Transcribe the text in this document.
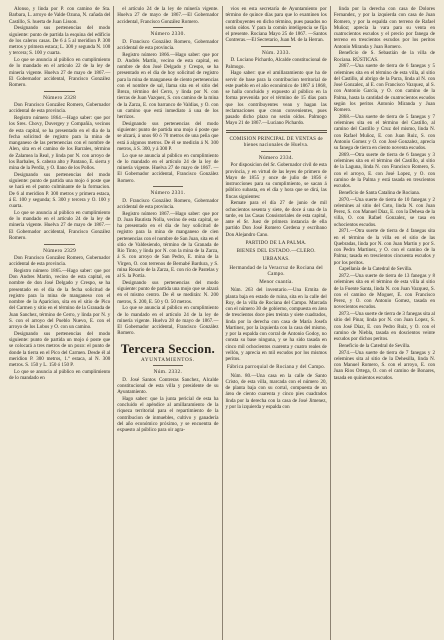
Alonso, y linda por P. con camino de Sta. Barbara, L. arroyo de Valde Ozuna, N. cañada del Castillo, S. huerta de Juan Lisson.

Designando sus pertenencias del modo siguiente: punto de partida la esquina del edificio de los caleros casas. De 6 á 5 al meridion P. 300 metros y primera estaca; L. 300 y segunda N. 100 y tercera; S. 100 y cuarta.

Lo que se anuncia al público en cumplimiento de lo mandado en el articulo 22 de la ley de minería vigente. Huelva 27 de mayo de 1867.—El Gobernador accidental, Francisco González Romero.

Número 2328

Don Francisco González Romero, Gobernador accidental de esta provincia.

Registro número 1864.—Hago saber: que por los Sres. Chovy, Duvergey y Compañía, vecinos de esta capital, se ha presentado en el dia de la fecha solicitud de registro para la mina de manganeso de las pertenencias con el nombre de Alen, sita en el camino de los Barrales, término de Zalamea la Real, y linda por N. con arroyo de los Barbales, S. cabezo alto y Pantano, E. sierra y mina de la Perdiz, y O. llano de los Pollos.

Designando sus pertenencias del modo siguiente: punto de partida una mojo ó poste que se hará en el punto culminante de la formacion. De 6 al meridion P. 300 metros y primera estaca, á E. 100 y segunda; S. 300 y tercera y O. 100 y cuarta.

Lo que se anuncia al público en cumplimiento de lo mandado en el artículo 24 de la ley de minería vigente. Huelva 27 de mayo de 1867.—El Gobernador accidental, Francisco González Romero.

Número 2329

Don Francisco González Romero, Gobernador accidental de esta provincia.

Registro número 1865.—Hago saber: que por Don Andres Martin, vecino de esta capital, en nombre de don José Delgado y Crespo, se ha presentado en el dia de la fecha solicitud de registro para la mina de manganeso con el nombre de la Aparicion, sita en el sitio de Pico del Carmen y sitio en el término de la Granada de Juan Sanchez, término de Cerro, y linda por N. y S. con el arroyo del Pueblo Nuevo, E. con el arroyo de los Lobos y O. con un camino.

Designando sus pertenencias del modo siguiente: punto de partida un mojo ó poste que se colocará a tres metros de un pozo: el punto de donde la tierra en el Pico del Carmen. Desde él al meridion P. 300 metros, 1.ª estaca, al N. 300 metros. S. 150 y L. 150 ó 150 P.

Lo que se anuncia al público en cumplimiento de lo mandado en

el artículo 24 de la ley de minería vigente. Huelva 27 de mayo de 1867.—El Gobernador accidental, Francisco González Romero.

Número 2330.

D. Francisco González Romero, Gobernador accidental de esta provincia.

Registro número 1866.—Hago saber: que por D. Andrés Martín, vecino de esta capital, en nombre de don José Delgado y Crespo, se ha presentado en el dia de hoy solicitud de registro para la mina de manganeso de ciento pertenencias con el nombre de sal, llama sita en el sitio del Brezo, término del Cerro, y linda por N. con tierras de Juan Vazquez, S. con camino de la mina de la Zarza, E. con barranco de Valdias, y O. con un camino que está inmediato á una de los herrizos.

Designando sus pertenencias del modo siguiente: punto de partida una mojo ó poste que se alzará, á unos 60 ó 70 metros de una peña que está á algunos metros. De él se medirán á N. 300 metros, á S. 300, y á 300 P.

Lo que se anuncia al público en cumplimiento de lo mandado en el artículo 24 de la ley de minería vigente. Huelva 27 de mayo de 1867. —El Gobernador accidental, Francisco González Romero.

Número 2331.

D. Francisco González Romero, Gobernador accidental de esta provincia.

Registro número 1867.—Hago saber: que por D. Juan Bautista Nolla, vecino de esta capital, se ha presentado en el dia de hoy solicitud de registro para la mina de manganeso de cien pertenencias con el nombre de San Juan, sita en el sitio de Valdesiendo, término de la Granada de Rio Tinto, y linda por N. con la mina de la Zarza, á S. con arroyo de San Pedro, E. mina de la Virgen, O. con terrenos de Bernabé Bardura, y S. mina Rosario de la Zarza, E. con río de Pastelas y al S. la Portía.

Designando sus pertenencias del modo siguiente: punto de partida una mojo que se alzará en el mismo centro. De él se medirán: N. 200 metros, S. 200, E. 50 y O. 50 metros.

Lo que se anuncia al público en cumplimiento de lo mandado en el artículo 24 de la ley de minería vigente. Huelva 28 de mayo de 1867.—El Gobernador accidental, Francisco González Romero.

Tercera Seccion.
AYUNTAMIENTOS.
Núm. 2332.

D. José Santos Contreras Sanchez, Alcalde constitucional de esta villa y presidente de su Ayuntamiento.

Hago saber: que la junta pericial de esta ha concluido el apéndice al amillaramiento de la riqueza territorial para el repartimiento de la contribucion de inmuebles, cultivo y ganadería del año económico próximo, y se encuentra de expuesto al público para oir agra-

vios en esta secretaría de Ayuntamiento por término de quince días para que lo examinen los contribuyentes en dicho término, pues pasados no serán oídos. Y para la común inteligencia se fija el presente. Rociana Mayo 25 de 1867. —Santos Contreras.—El Secretario, Juan M. de la Herran.

Núm. 2333.

D. Luciano Pichardo, Alcalde constitucional de Palmogo.

Hago saber: que el amillaramiento que ha de servir de base para la contribucion territorial de este pueblo en el año económico de 1867 á 1868, se halla concluido y expuesto al público en la forma prevenida por el término de 15 días para que los contribuyentes vean y hagan las reclamaciones que crean convenientes, pues pasado dicho plazo no serán oídos. Palmogo Mayo 21 de 1867.—Luciano Pichardo.

COMISION PRINCIPAL DE VENTAS de bienes nacionales de Huelva.
Número 2334.

Por disposicion del Sr. Gobernador civil de esta provincia, y en virtud de las leyes de primero de Mayo de 1855 y once de julio de 1856 é instrucciones para su cumplimiento, se sacan á público subasta, en el día y hora que se dirá, las fincas siguientes:

Remate para el día 27 de junio de mil ochocientos sesenta y siete, de doce á una de la tarde, en las Casas Consistoriales de esta capital, ante el Sr. Juez de primera instancia de ella partido Don José Romero Cerdena y escribano Don Alejandro Cano.

PARTIDO DE LA PALMA.
BIENES DEL ESTADO.—CLERO.
URBANAS.
Hermandad de la Veracruz de Rociana del Campo.
Menor cuantía.

Núm. 263 del inventario.—Una Ermita de planta baja en estado de ruina, sita en la calle del Roy, de la villa de Rociana del Campo. Marcada con el número 30 de gobierno, compuesta en área de trescientos doce pies treinta y siete cuadrados, linda por la derecha con casa de María Josefa Martinez, por la izquierda con la casa del mismo, y por la espalda con corral de Antonio Godoy, no consta su base ninguna, y se ha sido tasada en cinco mil ochocientos cuarenta y cuatro reales de vellón, y aprecia en mil escudos por los mismos peritos.

Fábrica parroquial de Rociana y del Campo.

Núm. 80.—Una casa en la calle de Santo Cristo, de esta villa, marcada con el número 20, de planta baja con su corral, compuesta de un área de ciento cuarenta y cinco pies cuadrados linda por la derecha con la casa de José Jimenez, y por la izquierda y espalda con

linda por la derecha con casa de Dolores Fernandez, y por la izquierda con casa de Juan Romero, y por la espalda con terreno de Rafael Muñoz; aprecia la vara para su venta en cuatrocientos escudos y el precio por fanega de terreno en trescientos escudos por los peritos Antonio Miranda y Juan Romero.

Beneficio de S. Sebastián de la villa de Rociana. RÚSTICAS.

2867.—Una suerte de tierra de 6 fanegas y 5 celemines sita en el término de esta villa, al sitio del Castillo, al abrigo de la Parra, linda al N. con José Gonzalez, al E. con Francisco Vazquez, al S. con Antonio Garcia, y O. con camino de la Palma, hasta la cantidad de cuatrocientos escudos según los peritos Antonio Miranda y Juan Romero.

2868.—Una suerte de tierra de 5 fanegas y 7 celemines sita en el término del Castillo, al camino del Castillo y Cruz del mismo, linda N. con Rafael Muñoz, E. con Juan Ruiz, S. con Antonio Gomez y O. con José Gonzalez, aprecia su fanega de tierra en ciento noventa escudos.

2869.—Otra suerte de tierra de 6 fanegas y 3 celemines sita en el término del Castillo, al sitio de la Laguna, linda N. con Francisco Romero, S. con el arroyo, E. con José Lopez, y O. con camino de la Palma y está tasada en trescientos escudos.

Beneficio de Santa Catalina de Rociana.

2870.—Una suerte de tierra de 10 fanegas y 2 celemines al sitio del Coto, linda N. con Juan Perez, S. con Manuel Diaz, E. con la Dehesa de la villa, O. con Rafael Gonzalez, se tasa en ochocientos escudos.

2871.—Otra suerte de tierra de 4 fanegas sita en el término de la villa en el sitio de las Quebradas, linda por N. con Juan Martin y por S. con Pedro Martinez, y O. con el camino de la Palma; tasada en trescientos cincuenta escudos y por los peritos.

Capellanía de la Catedral de Sevilla.

2872.—Una suerte de tierra de 13 fanegas y 8 celemines sita en el término de esta villa al sitio de la Fuente Santa, linda N. con Juan Vazquez, S. con el camino de Moguer, E. con Francisco Perez, y O. con Antonio Gomez, tasada en novecientos escudos.

2873.—Una suerte de tierra de 3 fanegas sita al sitio del Pinar, linda por N. con Juan Lopez, S. con José Diaz, E. con Pedro Ruiz, y O. con el camino de Niebla, tasada en doscientos veinte escudos por dichos peritos.

Beneficio de la Catedral de Sevilla.

2874.—Una suerte de tierra de 7 fanegas y 2 celemines sita al sitio de la Dehesilla, linda N. con Manuel Romero, S. con el arroyo, E. con Juan Rios Ortega, O. con el camino de Bonares, tasada en quinientos escudos.
